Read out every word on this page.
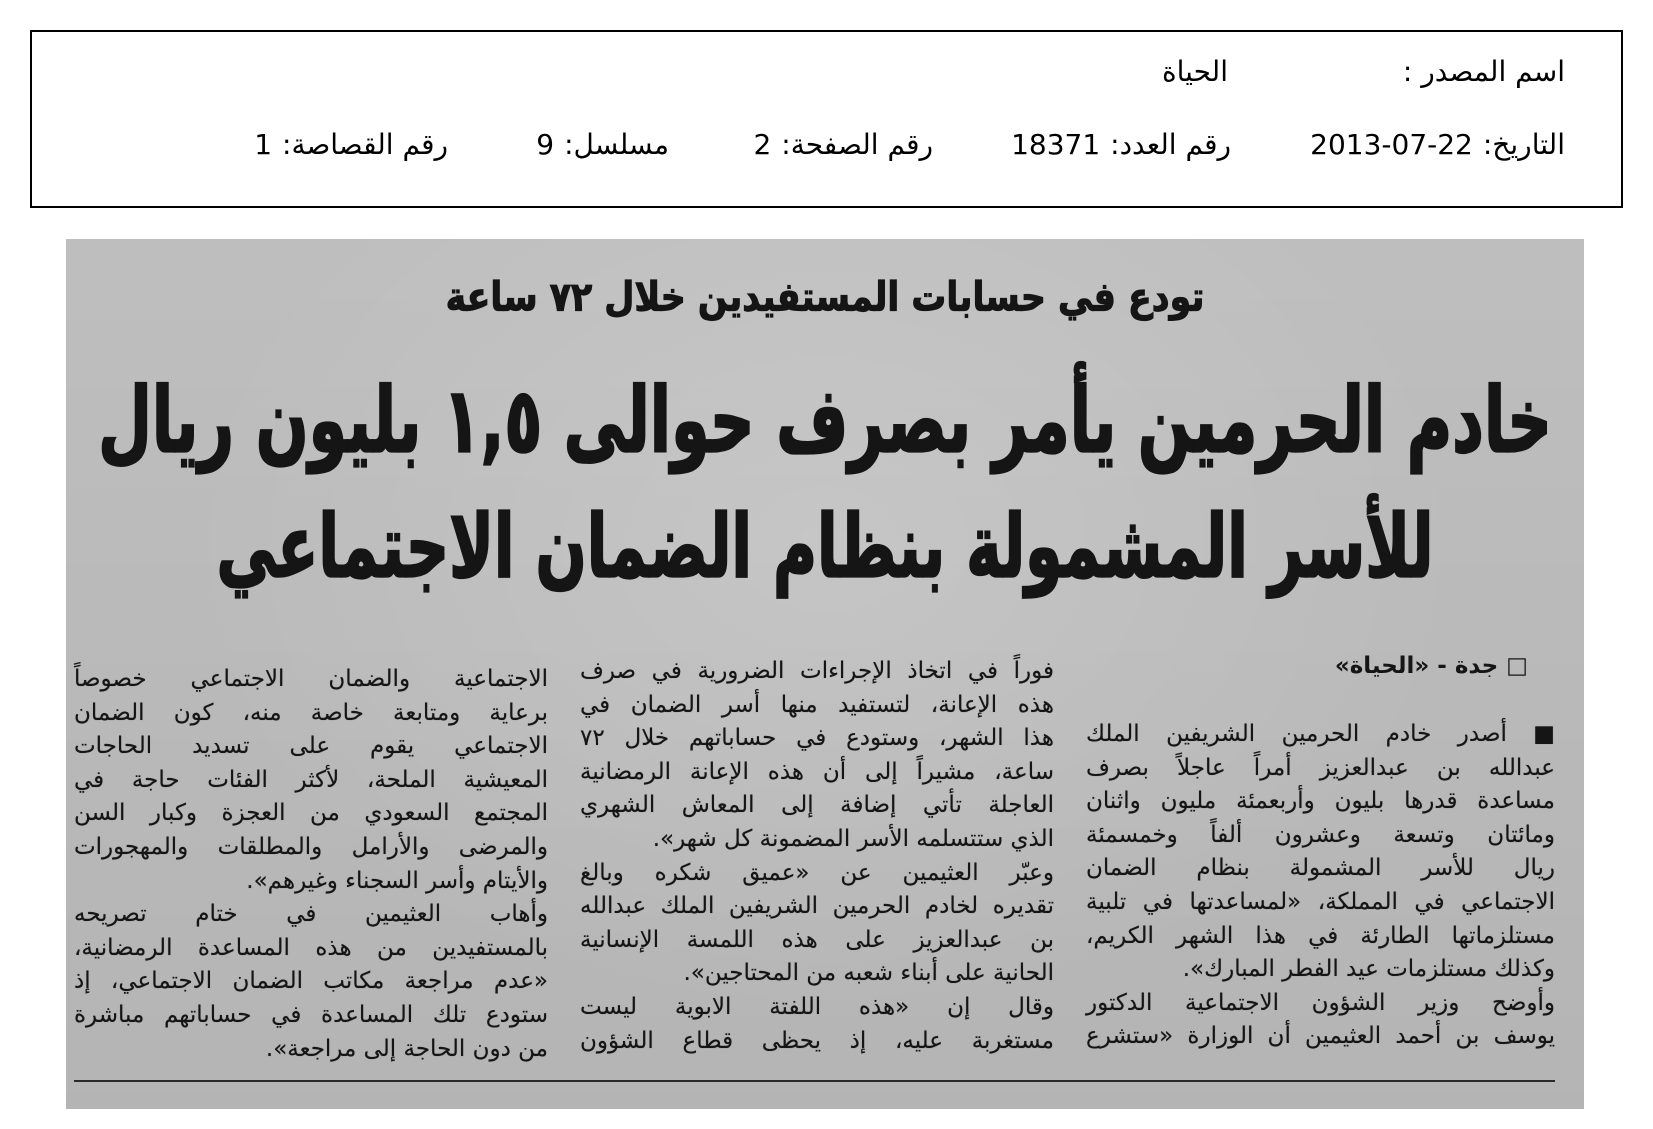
اسم المصدر :
الحياة
التاريخ:2013-07-22
رقم العدد:18371
رقم الصفحة:2
مسلسل:9
رقم القصاصة:1
تودع في حسابات المستفيدين خلال ٧٢ ساعة
خادم الحرمين يأمر بصرف حوالى ١,٥ بليون ريال
للأسر المشمولة بنظام الضمان الاجتماعي
□ جدة - «الحياة»
■ أصدر خادم الحرمين الشريفين الملك
عبدالله بن عبدالعزيز أمراً عاجلاً بصرف
مساعدة قدرها بليون وأربعمئة مليون واثنان
ومائتان وتسعة وعشرون ألفاً وخمسمئة
ريال للأسر المشمولة بنظام الضمان
الاجتماعي في المملكة، «لمساعدتها في تلبية
مستلزماتها الطارئة في هذا الشهر الكريم،
وكذلك مستلزمات عيد الفطر المبارك».
وأوضح وزير الشؤون الاجتماعية الدكتور
يوسف بن أحمد العثيمين أن الوزارة «ستشرع
فوراً في اتخاذ الإجراءات الضرورية في صرف
هذه الإعانة، لتستفيد منها أسر الضمان في
هذا الشهر، وستودع في حساباتهم خلال ٧٢
ساعة، مشيراً إلى أن هذه الإعانة الرمضانية
العاجلة تأتي إضافة إلى المعاش الشهري
الذي ستتسلمه الأسر المضمونة كل شهر».
وعبّر العثيمين عن «عميق شكره وبالغ
تقديره لخادم الحرمين الشريفين الملك عبدالله
بن عبدالعزيز على هذه اللمسة الإنسانية
الحانية على أبناء شعبه من المحتاجين».
وقال إن «هذه اللفتة الابوية ليست
مستغربة عليه، إذ يحظى قطاع الشؤون
الاجتماعية والضمان الاجتماعي خصوصاً
برعاية ومتابعة خاصة منه، كون الضمان
الاجتماعي يقوم على تسديد الحاجات
المعيشية الملحة، لأكثر الفئات حاجة في
المجتمع السعودي من العجزة وكبار السن
والمرضى والأرامل والمطلقات والمهجورات
والأيتام وأسر السجناء وغيرهم».
وأهاب العثيمين في ختام تصريحه
بالمستفيدين من هذه المساعدة الرمضانية،
«عدم مراجعة مكاتب الضمان الاجتماعي، إذ
ستودع تلك المساعدة في حساباتهم مباشرة
من دون الحاجة إلى مراجعة».
